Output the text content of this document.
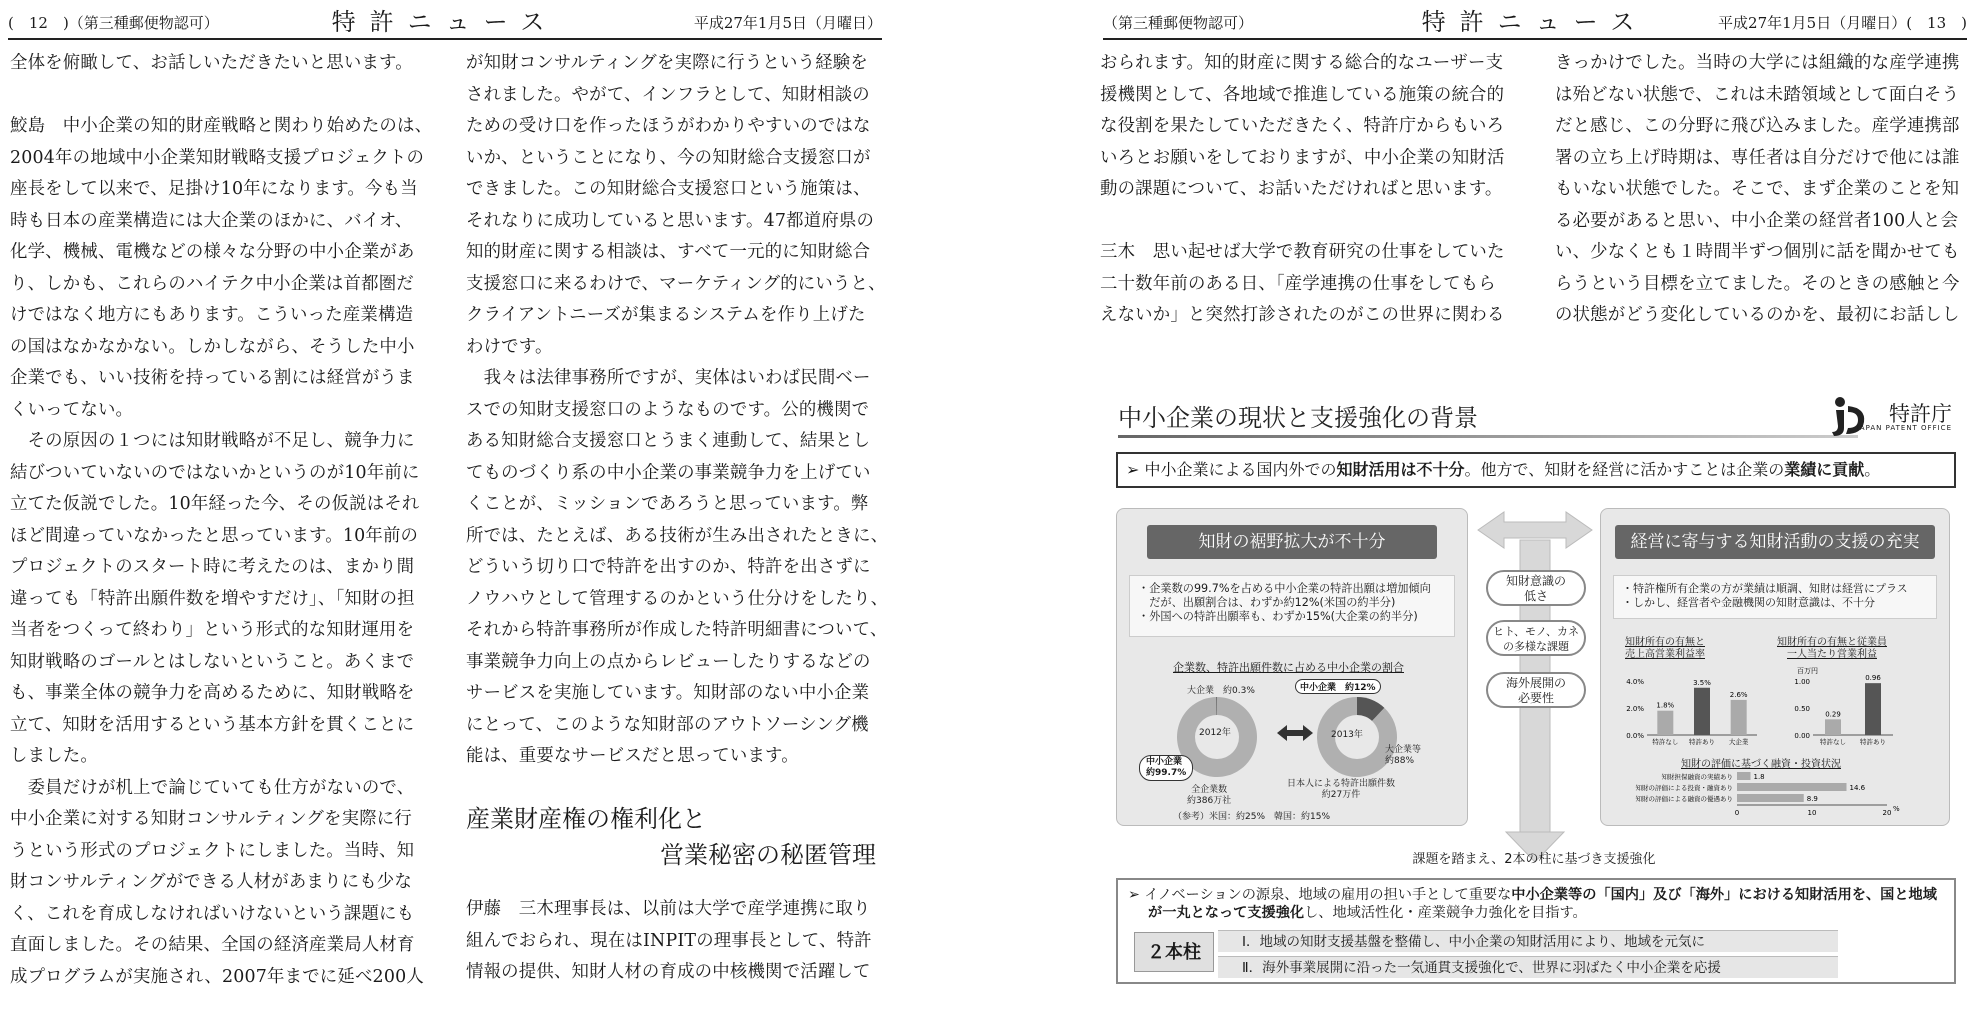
(　12　)（第三種郵便物認可）	特許ニュース	平成27年1月5日（月曜日）
全体を俯瞰して、お話しいただきたいと思います。
鮫島　中小企業の知的財産戦略と関わり始めたのは、
2004年の地域中小企業知財戦略支援プロジェクトの
座長をして以来で、足掛け10年になります。今も当
時も日本の産業構造には大企業のほかに、バイオ、
化学、機械、電機などの様々な分野の中小企業があ
り、しかも、これらのハイテク中小企業は首都圏だ
けではなく地方にもあります。こういった産業構造
の国はなかなかない。しかしながら、そうした中小
企業でも、いい技術を持っている割には経営がうま
くいってない。
　その原因の１つには知財戦略が不足し、競争力に
結びついていないのではないかというのが10年前に
立てた仮説でした。10年経った今、その仮説はそれ
ほど間違っていなかったと思っています。10年前の
プロジェクトのスタート時に考えたのは、まかり間
違っても「特許出願件数を増やすだけ」、「知財の担
当者をつくって終わり」という形式的な知財運用を
知財戦略のゴールとはしないということ。あくまで
も、事業全体の競争力を高めるために、知財戦略を
立て、知財を活用するという基本方針を貫くことに
しました。
　委員だけが机上で論じていても仕方がないので、
中小企業に対する知財コンサルティングを実際に行
うという形式のプロジェクトにしました。当時、知
財コンサルティングができる人材があまりにも少な
く、これを育成しなければいけないという課題にも
直面しました。その結果、全国の経済産業局人材育
成プログラムが実施され、2007年までに延べ200人
が知財コンサルティングを実際に行うという経験を
されました。やがて、インフラとして、知財相談の
ための受け口を作ったほうがわかりやすいのではな
いか、ということになり、今の知財総合支援窓口が
できました。この知財総合支援窓口という施策は、
それなりに成功していると思います。47都道府県の
知的財産に関する相談は、すべて一元的に知財総合
支援窓口に来るわけで、マーケティング的にいうと、
クライアントニーズが集まるシステムを作り上げた
わけです。
　我々は法律事務所ですが、実体はいわば民間ベー
スでの知財支援窓口のようなものです。公的機関で
ある知財総合支援窓口とうまく連動して、結果とし
てものづくり系の中小企業の事業競争力を上げてい
くことが、ミッションであろうと思っています。弊
所では、たとえば、ある技術が生み出されたときに、
どういう切り口で特許を出すのか、特許を出さずに
ノウハウとして管理するのかという仕分けをしたり、
それから特許事務所が作成した特許明細書について、
事業競争力向上の点からレビューしたりするなどの
サービスを実施しています。知財部のない中小企業
にとって、このような知財部のアウトソーシング機
能は、重要なサービスだと思っています。
産業財産権の権利化と
営業秘密の秘匿管理
伊藤　三木理事長は、以前は大学で産学連携に取り
組んでおられ、現在はINPITの理事長として、特許
情報の提供、知財人材の育成の中核機関で活躍して
（第三種郵便物認可）	特許ニュース	平成27年1月5日（月曜日）(　13　)
おられます。知的財産に関する総合的なユーザー支
援機関として、各地域で推進している施策の統合的
な役割を果たしていただきたく、特許庁からもいろ
いろとお願いをしておりますが、中小企業の知財活
動の課題について、お話いただければと思います。
三木　思い起せば大学で教育研究の仕事をしていた
二十数年前のある日、「産学連携の仕事をしてもら
えないか」と突然打診されたのがこの世界に関わる
きっかけでした。当時の大学には組織的な産学連携
は殆どない状態で、これは未踏領域として面白そう
だと感じ、この分野に飛び込みました。産学連携部
署の立ち上げ時期は、専任者は自分だけで他には誰
もいない状態でした。そこで、まず企業のことを知
る必要があると思い、中小企業の経営者100人と会
い、少なくとも１時間半ずつ個別に話を聞かせても
らうという目標を立てました。そのときの感触と今
の状態がどう変化しているのかを、最初にお話しし
中小企業の現状と支援強化の背景	特許庁
JAPAN PATENT OFFICE
➢ 中小企業による国内外での知財活用は不十分。他方で、知財を経営に活かすことは企業の業績に貢献。
知財の裾野拡大が不十分
・企業数の99.7%を占める中小企業の特許出願は増加傾向
　だが、出願割合は、わずか約12%(米国の約半分)
・外国への特許出願率も、わずか15%(大企業の約半分)
企業数、特許出願件数に占める中小企業の割合
大企業　約0.3%	中小企業　約12%
2012年	2013年
中小企業
約99.7%
大企業等
約88%
全企業数
約386万社
日本人による特許出願件数
約27万件
（参考）米国：約25%　韓国：約15%
知財意識の
低さ
ヒト、モノ、カネ
の多様な課題
海外展開の
必要性
経営に寄与する知財活動の支援の充実
・特許権所有企業の方が業績は順調、知財は経営にプラス
・しかし、経営者や金融機関の知財意識は、不十分
知財所有の有無と
売上高営業利益率
知財所有の有無と従業員
一人当たり営業利益
0.0%
2.0%
4.0%
1.8%
特許なし
3.5%
特許あり
2.6%
大企業
0.00
0.50
1.00
0.29
特許なし
0.96
特許あり
百万円
知財の評価に基づく融資・投資状況
知財担保融資の実績あり	1.8
知財の評価による投資・融資あり	14.6
知財の評価による融資の優遇あり	8.9
0	10	20 %
課題を踏まえ、2本の柱に基づき支援強化
➢ イノベーションの源泉、地域の雇用の担い手として重要な中小企業等の「国内」及び「海外」における知財活用を、国と地域
が一丸となって支援強化し、地域活性化・産業競争力強化を目指す。
２本柱	Ⅰ．地域の知財支援基盤を整備し、中小企業の知財活用により、地域を元気に
Ⅱ．海外事業展開に沿った一気通貫支援強化で、世界に羽ばたく中小企業を応援
